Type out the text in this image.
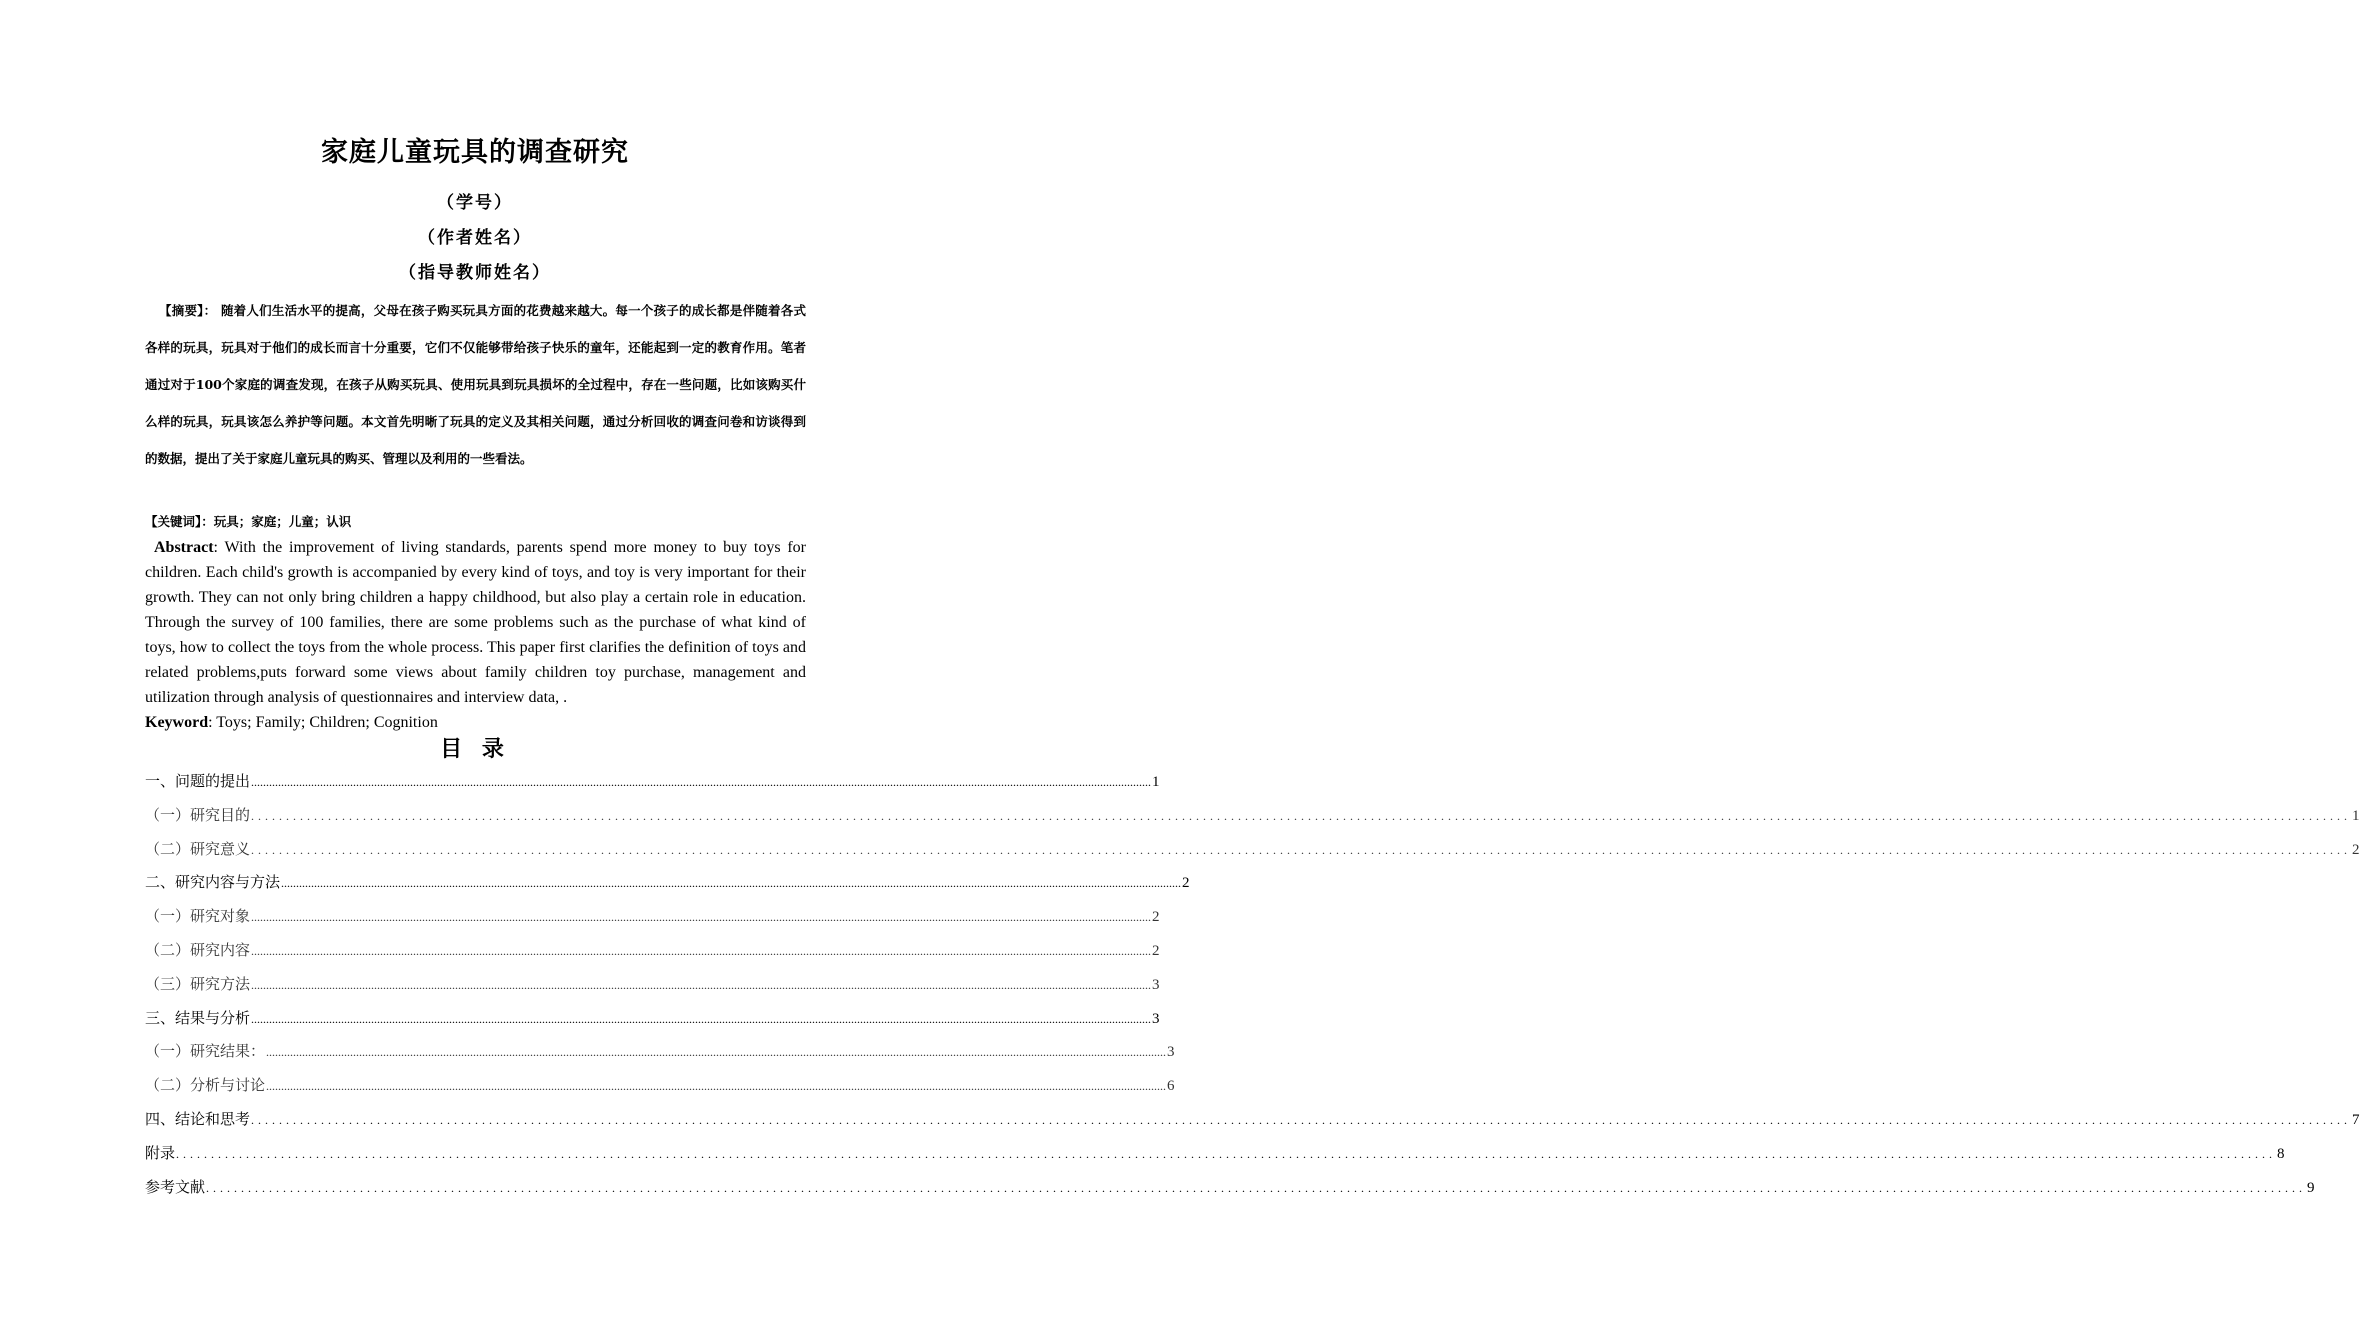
家庭儿童玩具的调查研究
（学号）
（作者姓名）
（指导教师姓名）
【摘要】： 随着人们生活水平的提高，父母在孩子购买玩具方面的花费越来越大。每一个孩子的成长都是伴随着各式各样的玩具，玩具对于他们的成长而言十分重要，它们不仅能够带给孩子快乐的童年，还能起到一定的教育作用。笔者通过对于100个家庭的调查发现，在孩子从购买玩具、使用玩具到玩具损坏的全过程中，存在一些问题，比如该购买什么样的玩具，玩具该怎么养护等问题。本文首先明晰了玩具的定义及其相关问题，通过分析回收的调查问卷和访谈得到的数据，提出了关于家庭儿童玩具的购买、管理以及利用的一些看法。
【关键词】：玩具；家庭；儿童；认识
Abstract: With the improvement of living standards, parents spend more money to buy toys for children. Each child's growth is accompanied by every kind of toys, and toy is very important for their growth. They can not only bring children a happy childhood, but also play a certain role in education. Through the survey of 100 families, there are some problems such as the purchase of what kind of toys, how to collect the toys from the whole process. This paper first clarifies the definition of toys and related problems,puts forward some views about family children toy purchase, management and utilization through analysis of questionnaires and interview data, .
Keyword: Toys; Family; Children; Cognition
目 录
一、问题的提出 ............................................................................................................................................................................................................................................................................................................ 1
（一）研究目的 ............................................................................................................................................................................................................................................................................................................ 1
（二）研究意义 ............................................................................................................................................................................................................................................................................................................ 2
二、研究内容与方法 ............................................................................................................................................................................................................................................................................................................ 2
（一）研究对象 ............................................................................................................................................................................................................................................................................................................ 2
（二）研究内容 ............................................................................................................................................................................................................................................................................................................ 2
（三）研究方法 ............................................................................................................................................................................................................................................................................................................ 3
三、结果与分析 ............................................................................................................................................................................................................................................................................................................ 3
（一）研究结果： ............................................................................................................................................................................................................................................................................................................ 3
（二）分析与讨论 ............................................................................................................................................................................................................................................................................................................ 6
四、结论和思考 ............................................................................................................................................................................................................................................................................................................ 7
附录 ............................................................................................................................................................................................................................................................................................................ 8
参考文献 ............................................................................................................................................................................................................................................................................................................ 9
